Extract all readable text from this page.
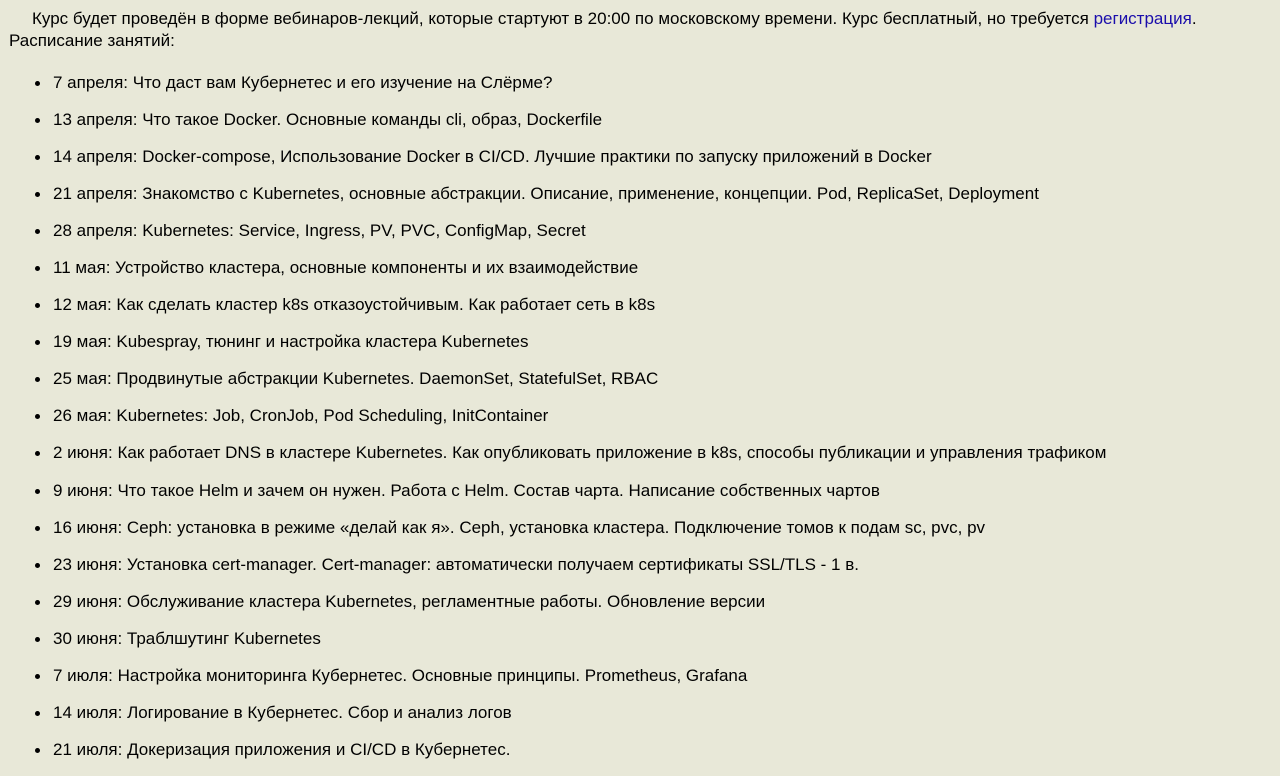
Курс будет проведён в форме вебинаров-лекций, которые стартуют в 20:00 по московскому времени. Курс бесплатный, но требуется регистрация.
Расписание занятий:

7 апреля: Что даст вам Кубернетес и его изучение на Слёрме?
13 апреля: Что такое Docker. Основные команды cli, образ, Dockerfile
14 апреля: Docker-compose, Использование Docker в CI/CD. Лучшие практики по запуску приложений в Docker
21 апреля: Знакомство с Kubernetes, основные абстракции. Описание, применение, концепции. Pod, ReplicaSet, Deployment
28 апреля: Kubernetes: Service, Ingress, PV, PVC, ConfigMap, Secret
11 мая: Устройство кластера, основные компоненты и их взаимодействие
12 мая: Как сделать кластер k8s отказоустойчивым. Как работает сеть в k8s
19 мая: Kubespray, тюнинг и настройка кластера Kubernetes
25 мая: Продвинутые абстракции Kubernetes. DaemonSet, StatefulSet, RBAC
26 мая: Kubernetes: Job, CronJob, Pod Scheduling, InitContainer
2 июня: Как работает DNS в кластере Kubernetes. Как опубликовать приложение в k8s, способы публикации и управления трафиком
9 июня: Что такое Helm и зачем он нужен. Работа с Helm. Состав чарта. Написание собственных чартов
16 июня: Ceph: установка в режиме «делай как я». Ceph, установка кластера. Подключение томов к подам sc, pvc, pv
23 июня: Установка cert-manager. Cert-manager: автоматически получаем сертификаты SSL/TLS - 1 в.
29 июня: Обслуживание кластера Kubernetes, регламентные работы. Обновление версии
30 июня: Траблшутинг Kubernetes
7 июля: Настройка мониторинга Кубернетес. Основные принципы. Prometheus, Grafana
14 июля: Логирование в Кубернетес. Сбор и анализ логов
21 июля: Докеризация приложения и CI/CD в Кубернетес.
